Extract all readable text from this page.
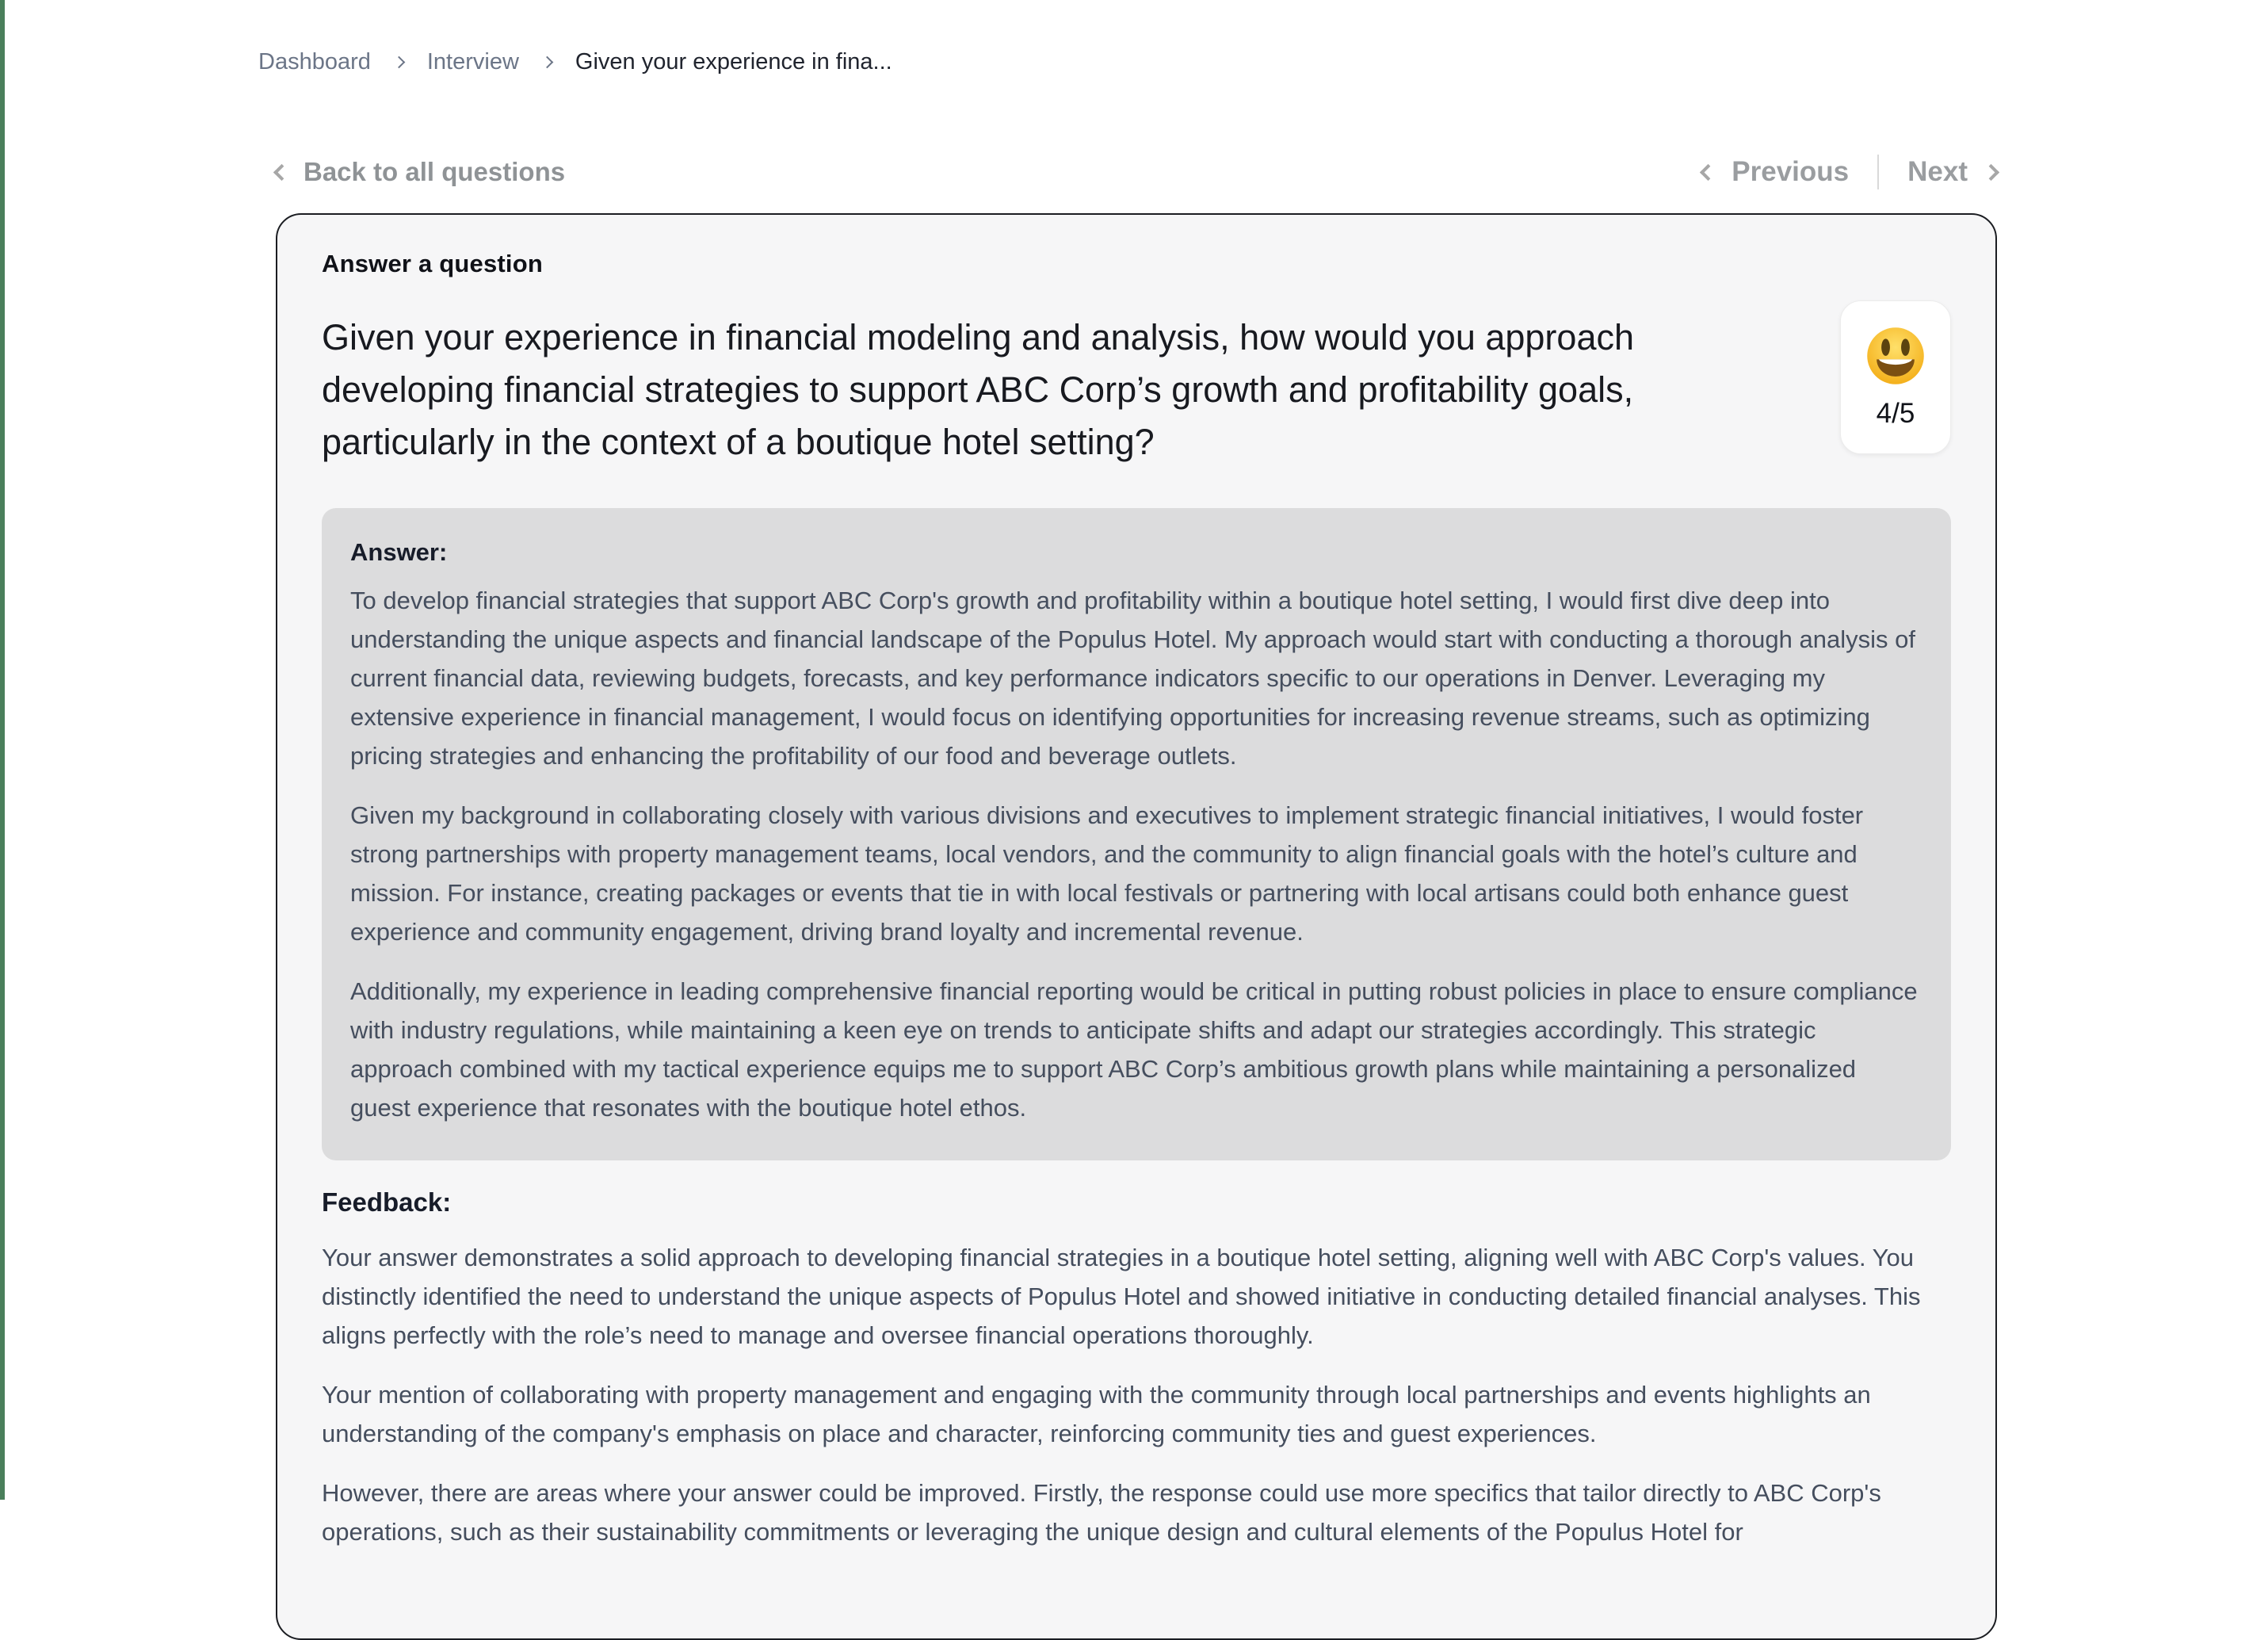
Dashboard Interview Given your experience in fina...
Back to all questions	Previous Next
Answer a question
Given your experience in financial modeling and analysis, how would you approach developing financial strategies to support ABC Corp’s growth and profitability goals, particularly in the context of a boutique hotel setting?
4/5
Answer:

To develop financial strategies that support ABC Corp's growth and profitability within a boutique hotel setting, I would first dive deep into understanding the unique aspects and financial landscape of the Populus Hotel. My approach would start with conducting a thorough analysis of current financial data, reviewing budgets, forecasts, and key performance indicators specific to our operations in Denver. Leveraging my extensive experience in financial management, I would focus on identifying opportunities for increasing revenue streams, such as optimizing pricing strategies and enhancing the profitability of our food and beverage outlets.

Given my background in collaborating closely with various divisions and executives to implement strategic financial initiatives, I would foster strong partnerships with property management teams, local vendors, and the community to align financial goals with the hotel’s culture and mission. For instance, creating packages or events that tie in with local festivals or partnering with local artisans could both enhance guest experience and community engagement, driving brand loyalty and incremental revenue.

Additionally, my experience in leading comprehensive financial reporting would be critical in putting robust policies in place to ensure compliance with industry regulations, while maintaining a keen eye on trends to anticipate shifts and adapt our strategies accordingly. This strategic approach combined with my tactical experience equips me to support ABC Corp’s ambitious growth plans while maintaining a personalized guest experience that resonates with the boutique hotel ethos.

Feedback:

Your answer demonstrates a solid approach to developing financial strategies in a boutique hotel setting, aligning well with ABC Corp's values. You distinctly identified the need to understand the unique aspects of Populus Hotel and showed initiative in conducting detailed financial analyses. This aligns perfectly with the role’s need to manage and oversee financial operations thoroughly.

Your mention of collaborating with property management and engaging with the community through local partnerships and events highlights an understanding of the company's emphasis on place and character, reinforcing community ties and guest experiences.

However, there are areas where your answer could be improved. Firstly, the response could use more specifics that tailor directly to ABC Corp's operations, such as their sustainability commitments or leveraging the unique design and cultural elements of the Populus Hotel for
